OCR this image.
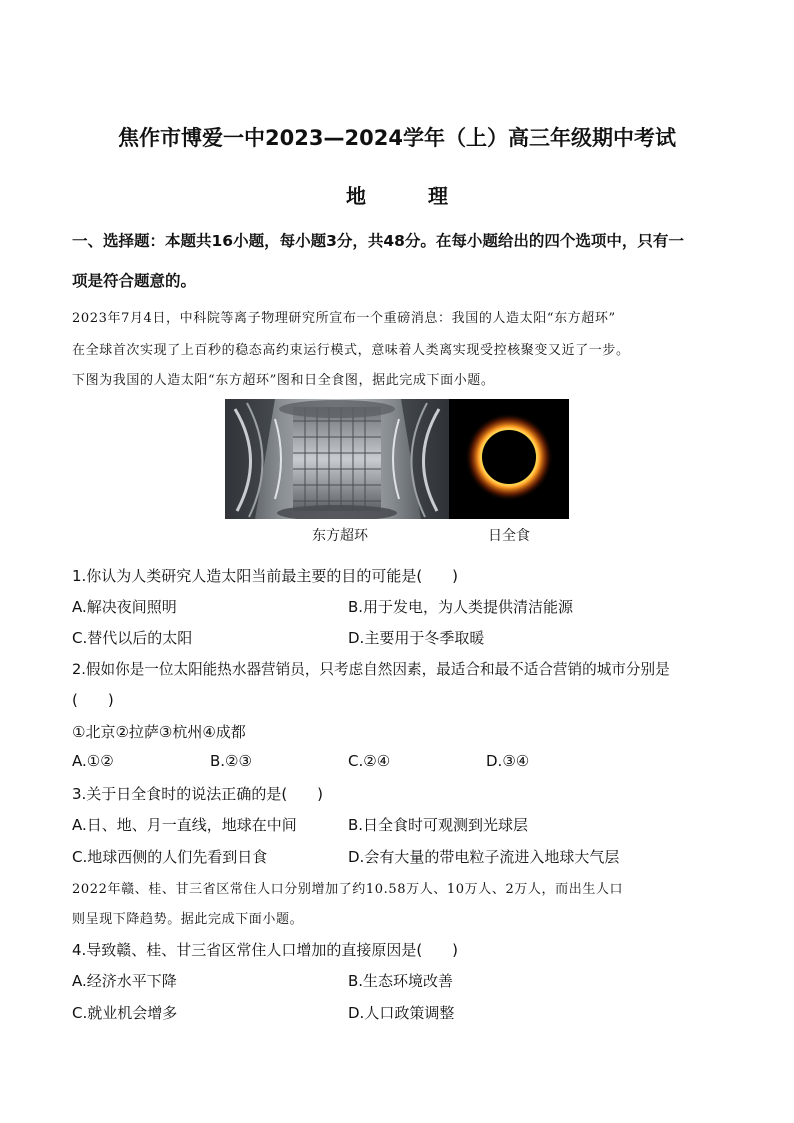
焦作市博爱一中2023—2024学年（上）高三年级期中考试
地理
一、选择题：本题共16小题，每小题3分，共48分。在每小题给出的四个选项中，只有一
项是符合题意的。
2023年7月4日，中科院等离子物理研究所宣布一个重磅消息：我国的人造太阳“东方超环”
在全球首次实现了上百秒的稳态高约束运行模式，意味着人类离实现受控核聚变又近了一步。
下图为我国的人造太阳“东方超环”图和日全食图，据此完成下面小题。
东方超环	日全食
1.你认为人类研究人造太阳当前最主要的目的可能是(　　)
A.解决夜间照明	B.用于发电，为人类提供清洁能源
C.替代以后的太阳	D.主要用于冬季取暖
2.假如你是一位太阳能热水器营销员，只考虑自然因素，最适合和最不适合营销的城市分别是
(　　)
①北京②拉萨③杭州④成都
A.①②	B.②③	C.②④	D.③④
3.关于日全食时的说法正确的是(　　)
A.日、地、月一直线，地球在中间	B.日全食时可观测到光球层
C.地球西侧的人们先看到日食	D.会有大量的带电粒子流进入地球大气层
2022年赣、桂、甘三省区常住人口分别增加了约10.58万人、10万人、2万人，而出生人口
则呈现下降趋势。据此完成下面小题。
4.导致赣、桂、甘三省区常住人口增加的直接原因是(　　)
A.经济水平下降	B.生态环境改善
C.就业机会增多	D.人口政策调整
